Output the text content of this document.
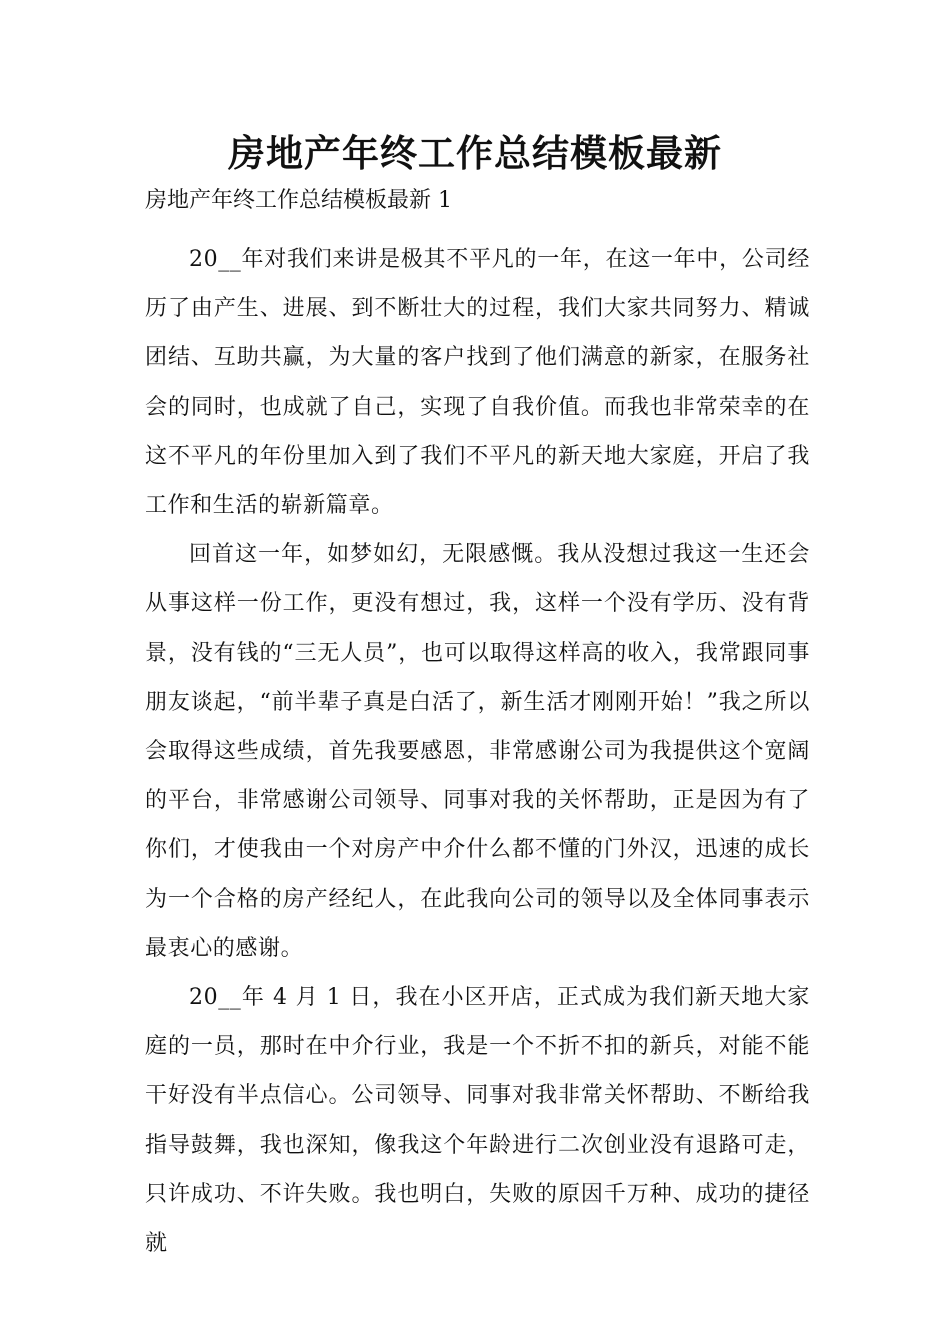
房地产年终工作总结模板最新

房地产年终工作总结模板最新 1

20__年对我们来讲是极其不平凡的一年，在这一年中，公司经历了由产生、进展、到不断壮大的过程，我们大家共同努力、精诚团结、互助共赢，为大量的客户找到了他们满意的新家，在服务社会的同时，也成就了自己，实现了自我价值。而我也非常荣幸的在这不平凡的年份里加入到了我们不平凡的新天地大家庭，开启了我工作和生活的崭新篇章。

回首这一年，如梦如幻，无限感慨。我从没想过我这一生还会从事这样一份工作，更没有想过，我，这样一个没有学历、没有背景，没有钱的“三无人员”，也可以取得这样高的收入，我常跟同事朋友谈起，“前半辈子真是白活了，新生活才刚刚开始！”我之所以会取得这些成绩，首先我要感恩，非常感谢公司为我提供这个宽阔的平台，非常感谢公司领导、同事对我的关怀帮助，正是因为有了你们，才使我由一个对房产中介什么都不懂的门外汉，迅速的成长为一个合格的房产经纪人，在此我向公司的领导以及全体同事表示最衷心的感谢。

20__年 4 月 1 日，我在小区开店，正式成为我们新天地大家庭的一员，那时在中介行业，我是一个不折不扣的新兵，对能不能干好没有半点信心。公司领导、同事对我非常关怀帮助、不断给我指导鼓舞，我也深知，像我这个年龄进行二次创业没有退路可走，只许成功、不许失败。我也明白，失败的原因千万种、成功的捷径就
